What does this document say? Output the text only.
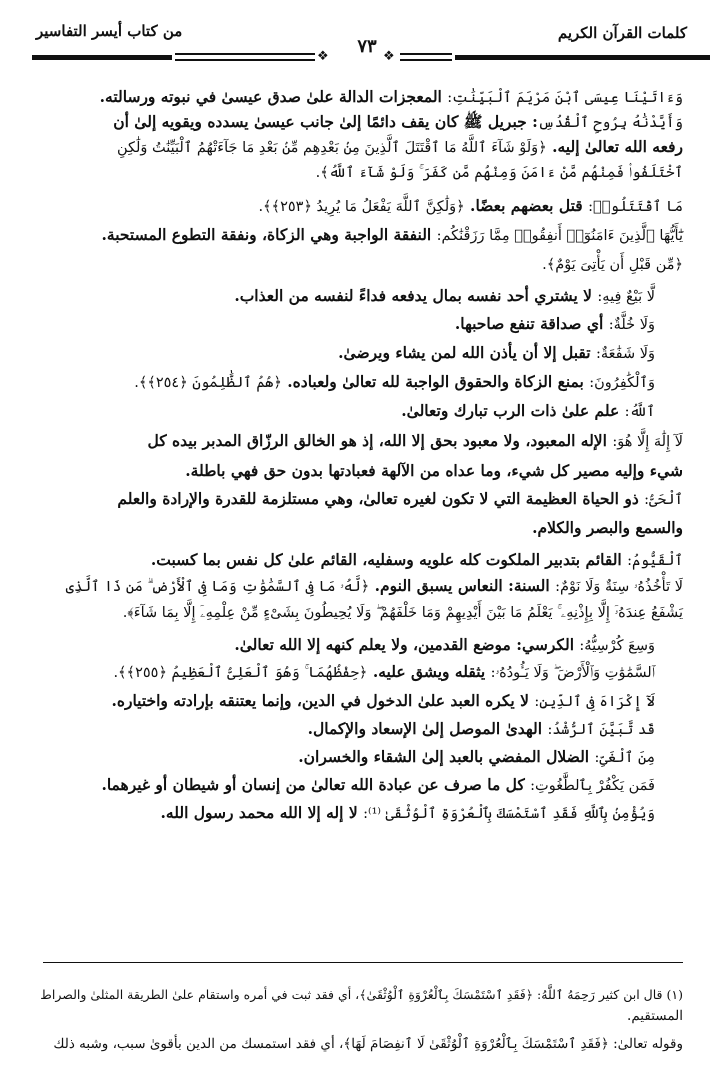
كلمات القرآن الكريم
من كتاب أيسر التفاسير
٧٣
❖	❖
وَءَاتَيْنَا عِيسَى ٱبْنَ مَرْيَمَ ٱلْبَيِّنَٰتِ: المعجزات الدالة علىٰ صدق عيسىٰ في نبوته ورسالته.
وَأَيَّدْنَٰهُ بِرُوحِ ٱلْقُدُسِ: جبريل ﷺ كان يقف دائمًا إلىٰ جانب عيسىٰ يسدده ويقويه إلىٰ أن
رفعه الله تعالىٰ إليه. ﴿وَلَوْ شَآءَ ٱللَّهُ مَا ٱقْتَتَلَ ٱلَّذِينَ مِنۢ بَعْدِهِم مِّنۢ بَعْدِ مَا جَآءَتْهُمُ ٱلْبَيِّنَٰتُ وَلَٰكِنِ
ٱخْتَلَفُوا۟ فَمِنْهُم مَّنْ ءَامَنَ وَمِنْهُم مَّن كَفَرَ ۚ وَلَوْ شَآءَ ٱللَّهُ﴾.
مَا ٱقْتَتَلُوا۟: قتل بعضهم بعضًا. ﴿وَلَٰكِنَّ ٱللَّهَ يَفْعَلُ مَا يُرِيدُ ﴿٢٥٣﴾﴾.
يَٰٓأَيُّهَا ٱلَّذِينَ ءَامَنُوٓا۟ أَنفِقُوا۟ مِمَّا رَزَقْنَٰكُم: النفقة الواجبة وهي الزكاة، ونفقة التطوع المستحبة.
﴿مِّن قَبْلِ أَن يَأْتِىَ يَوْمٌ﴾.
لَّا بَيْعٌ فِيهِ: لا يشتري أحد نفسه بمال يدفعه فداءً لنفسه من العذاب.
وَلَا خُلَّةٌ: أي صداقة تنفع صاحبها.
وَلَا شَفَٰعَةٌ: تقبل إلا أن يأذن الله لمن يشاء ويرضىٰ.
وَٱلْكَٰفِرُونَ: بمنع الزكاة والحقوق الواجبة لله تعالىٰ ولعباده. ﴿هُمُ ٱلظَّٰلِمُونَ ﴿٢٥٤﴾﴾.
ٱللَّهُ: علم علىٰ ذات الرب تبارك وتعالىٰ.
لَآ إِلَٰهَ إِلَّا هُوَ: الإله المعبود، ولا معبود بحق إلا الله، إذ هو الخالق الرزّاق المدبر بيده كل
شيء وإليه مصير كل شيء، وما عداه من الآلهة فعبادتها بدون حق فهي باطلة.
ٱلْحَىُّ: ذو الحياة العظيمة التي لا تكون لغيره تعالىٰ، وهي مستلزمة للقدرة والإرادة والعلم
والسمع والبصر والكلام.
ٱلْقَيُّومُ: القائم بتدبير الملكوت كله علويه وسفليه، القائم علىٰ كل نفس بما كسبت.
لَا تَأْخُذُهُۥ سِنَةٌ وَلَا نَوْمٌ: السنة: النعاس يسبق النوم. ﴿لَّهُۥ مَا فِى ٱلسَّمَٰوَٰتِ وَمَا فِى ٱلْأَرْضِ ۗ مَن ذَا ٱلَّذِى
يَشْفَعُ عِندَهُۥٓ إِلَّا بِإِذْنِهِۦ ۚ يَعْلَمُ مَا بَيْنَ أَيْدِيهِمْ وَمَا خَلْفَهُمْ ۖ وَلَا يُحِيطُونَ بِشَىْءٍ مِّنْ عِلْمِهِۦٓ إِلَّا بِمَا شَآءَ﴾.
وَسِعَ كُرْسِيُّهُ: الكرسي: موضع القدمين، ولا يعلم كنهه إلا الله تعالىٰ.
ٱلسَّمَٰوَٰتِ وَٱلْأَرْضَ ۖ وَلَا يَـُٔودُهُۥ: يثقله ويشق عليه. ﴿حِفْظُهُمَا ۚ وَهُوَ ٱلْعَلِىُّ ٱلْعَظِيمُ ﴿٢٥٥﴾﴾.
لَآ إِكْرَاهَ فِى ٱلدِّينِ: لا يكره العبد علىٰ الدخول في الدين، وإنما يعتنقه بإرادته واختياره.
قَد تَّبَيَّنَ ٱلرُّشْدُ: الهدىٰ الموصل إلىٰ الإسعاد والإكمال.
مِنَ ٱلْغَىِّ: الضلال المفضي بالعبد إلىٰ الشقاء والخسران.
فَمَن يَكْفُرْ بِٱلطَّٰغُوتِ: كل ما صرف عن عبادة الله تعالىٰ من إنسان أو شيطان أو غيرهما.
وَيُؤْمِنۢ بِٱللَّهِ فَقَدِ ٱسْتَمْسَكَ بِٱلْعُرْوَةِ ٱلْوُثْقَىٰ ⁽¹⁾: لا إله إلا الله محمد رسول الله.
(١) قال ابن كثير رَحِمَهُ ٱللَّهُ: ﴿فَقَدِ ٱسْتَمْسَكَ بِٱلْعُرْوَةِ ٱلْوُثْقَىٰ﴾، أي فقد ثبت في أمره واستقام علىٰ الطريقة المثلىٰ والصراط
المستقيم.
وقوله تعالىٰ: ﴿فَقَدِ ٱسْتَمْسَكَ بِٱلْعُرْوَةِ ٱلْوُثْقَىٰ لَا ٱنفِصَامَ لَهَا﴾، أي فقد استمسك من الدين بأقوىٰ سبب، وشبه ذلك
